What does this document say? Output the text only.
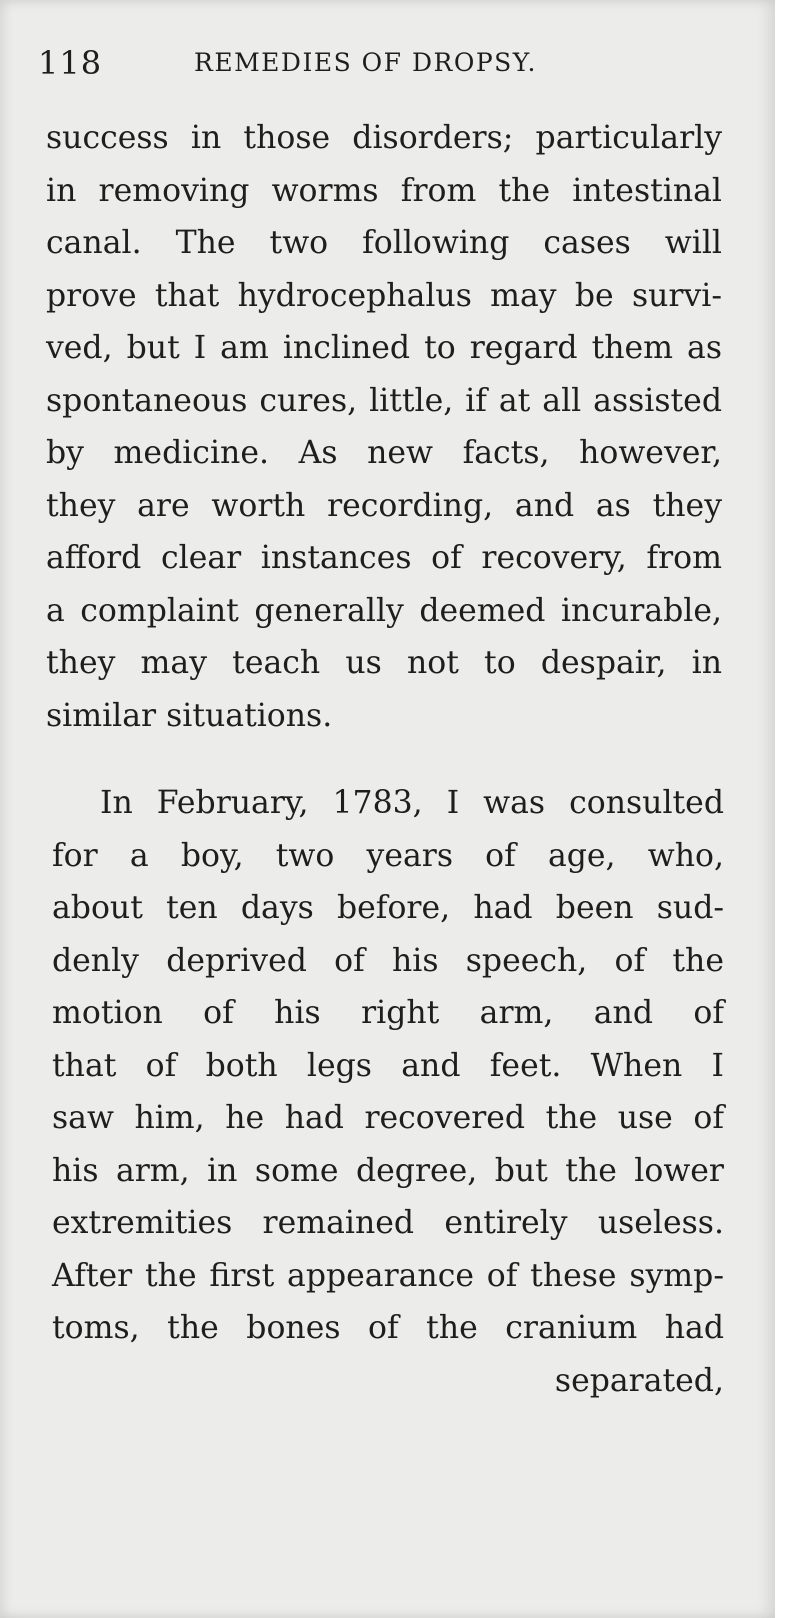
118	REMEDIES OF DROPSY.
success in those disorders; particularly
in removing worms from the intestinal
canal. The two following cases will
prove that hydrocephalus may be survi-
ved, but I am inclined to regard them as
spontaneous cures, little, if at all assisted
by medicine. As new facts, however,
they are worth recording, and as they
afford clear instances of recovery, from
a complaint generally deemed incurable,
they may teach us not to despair, in
similar situations.
In February, 1783, I was consulted
for a boy, two years of age, who,
about ten days before, had been sud-
denly deprived of his speech, of the
motion of his right arm, and of
that of both legs and feet. When I
saw him, he had recovered the use of
his arm, in some degree, but the lower
extremities remained entirely useless.
After the first appearance of these symp-
toms, the bones of the cranium had
separated,
